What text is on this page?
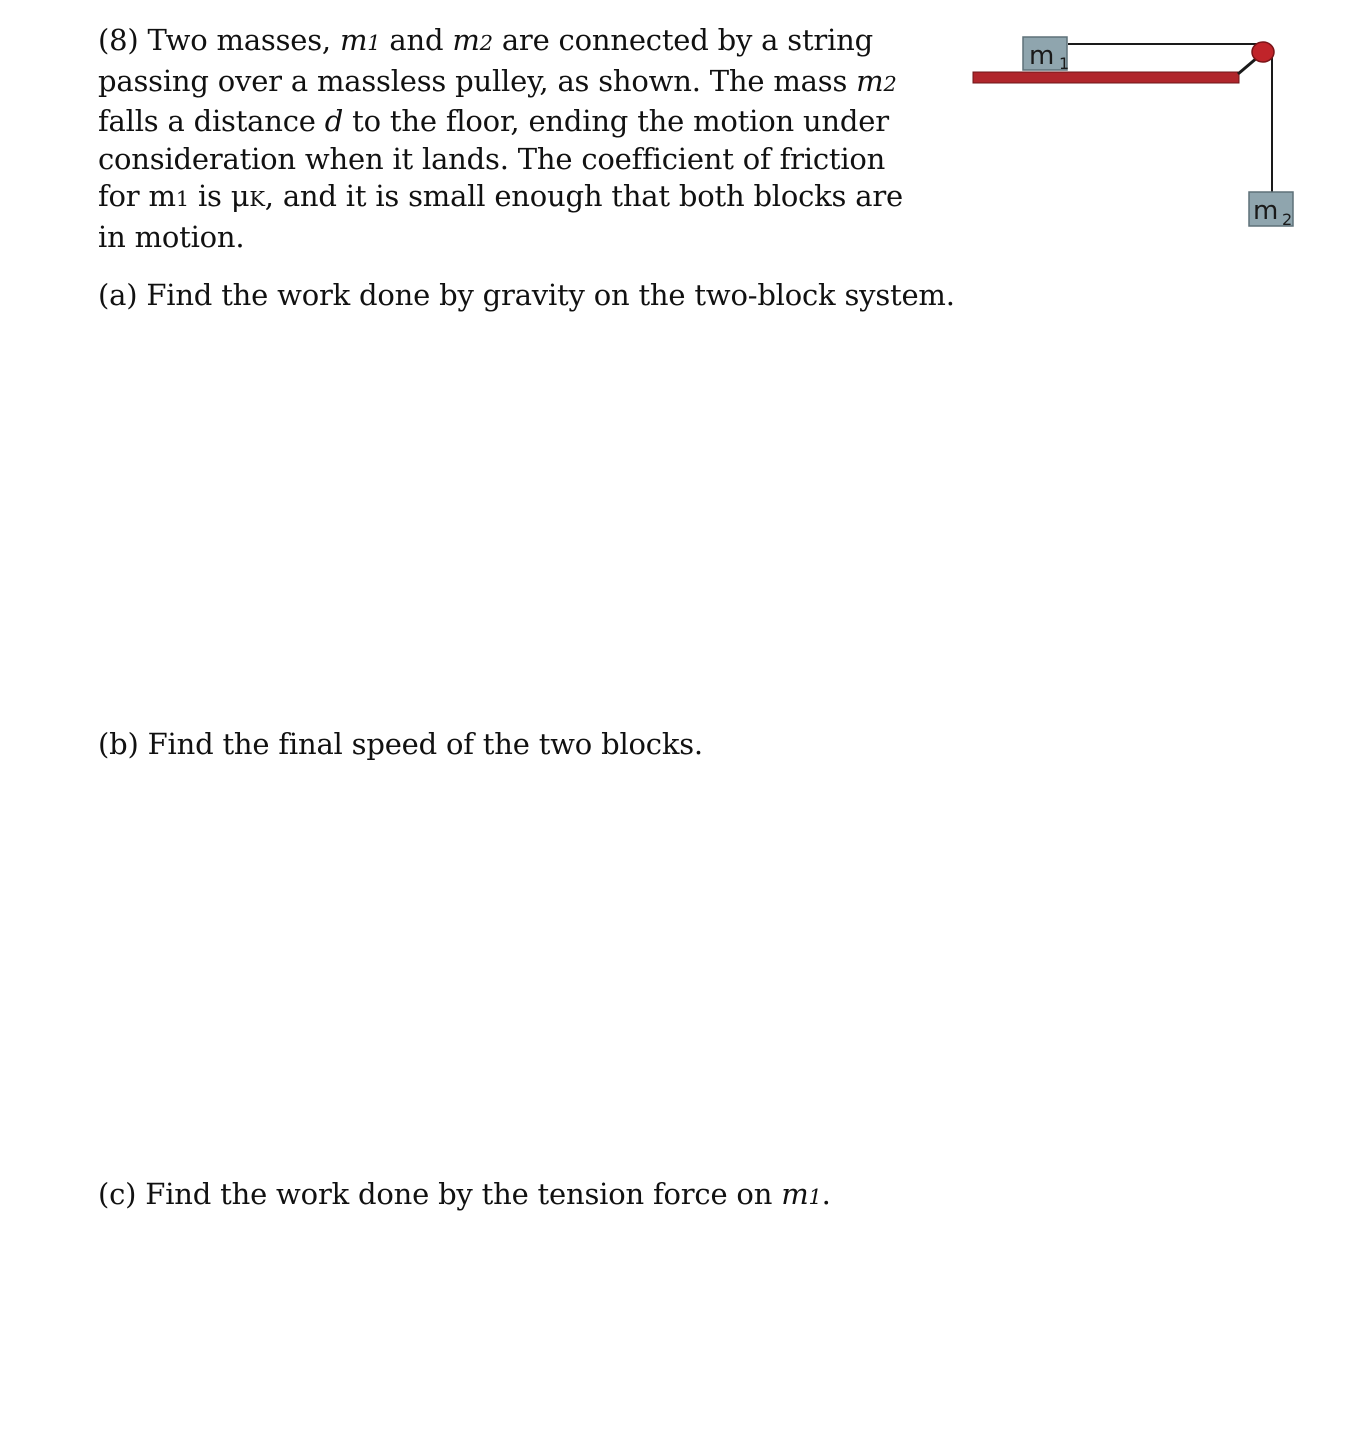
(8) Two masses, m1 and m2 are connected by a string passing over a massless pulley, as shown. The mass m2 falls a distance d to the floor, ending the motion under consideration when it lands. The coefficient of friction for m1 is μK, and it is small enough that both blocks are in motion.

(a) Find the work done by gravity on the two-block system.

(b) Find the final speed of the two blocks.

(c) Find the work done by the tension force on m1.

m 1
m 2
